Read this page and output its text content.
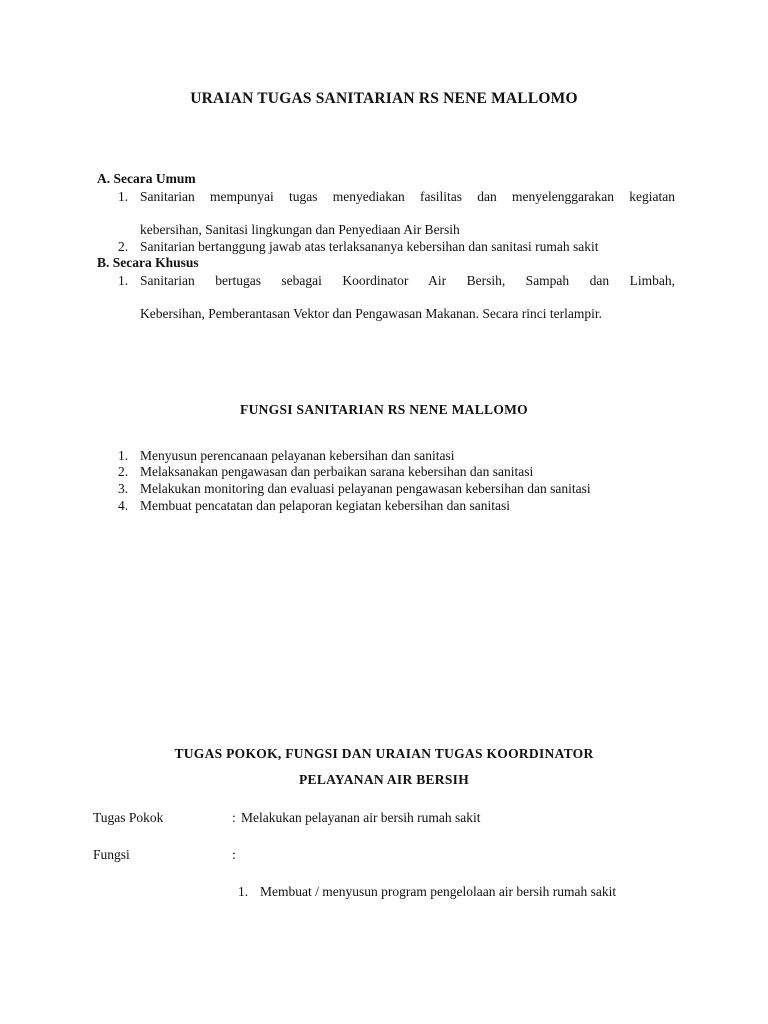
URAIAN TUGAS SANITARIAN RS NENE MALLOMO
A. Secara Umum
1. Sanitarian mempunyai tugas menyediakan fasilitas dan menyelenggarakan kegiatan
kebersihan, Sanitasi lingkungan dan Penyediaan Air Bersih
2. Sanitarian bertanggung jawab atas terlaksananya kebersihan dan sanitasi rumah sakit
B. Secara Khusus
1. Sanitarian bertugas sebagai Koordinator Air Bersih, Sampah dan Limbah,
Kebersihan, Pemberantasan Vektor dan Pengawasan Makanan. Secara rinci terlampir.
FUNGSI SANITARIAN RS NENE MALLOMO
1. Menyusun perencanaan pelayanan kebersihan dan sanitasi
2. Melaksanakan pengawasan dan perbaikan sarana kebersihan dan sanitasi
3. Melakukan monitoring dan evaluasi pelayanan pengawasan kebersihan dan sanitasi
4. Membuat pencatatan dan pelaporan kegiatan kebersihan dan sanitasi
TUGAS POKOK, FUNGSI DAN URAIAN TUGAS KOORDINATOR
PELAYANAN AIR BERSIH
Tugas Pokok	: Melakukan pelayanan air bersih rumah sakit
Fungsi	:
1. Membuat / menyusun program pengelolaan air bersih rumah sakit
